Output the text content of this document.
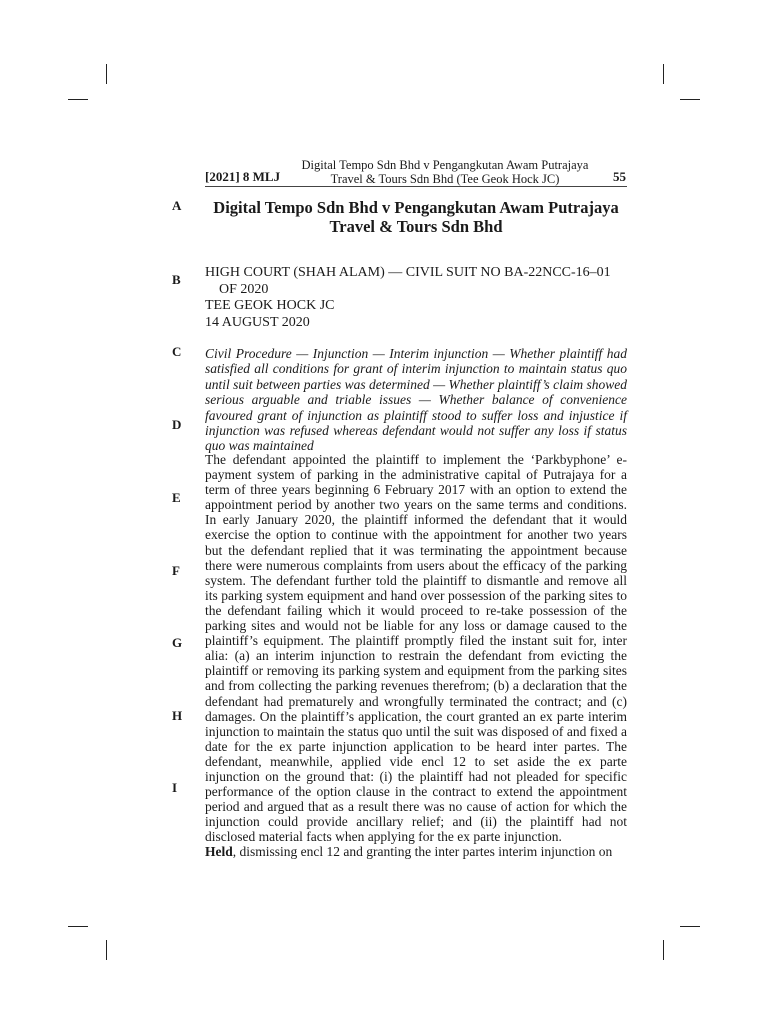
[2021] 8 MLJ
Digital Tempo Sdn Bhd v Pengangkutan Awam Putrajaya
Travel & Tours Sdn Bhd (Tee Geok Hock JC)	55
A
B
C
D
E
F
G
H
I
Digital Tempo Sdn Bhd v Pengangkutan Awam Putrajaya
Travel & Tours Sdn Bhd
HIGH COURT (SHAH ALAM) — CIVIL SUIT NO BA-22NCC-16–01
OF 2020
TEE GEOK HOCK JC
14 AUGUST 2020
Civil Procedure — Injunction — Interim injunction — Whether plaintiff had satisfied all conditions for grant of interim injunction to maintain status quo until suit between parties was determined — Whether plaintiff’s claim showed serious arguable and triable issues — Whether balance of convenience favoured grant of injunction as plaintiff stood to suffer loss and injustice if injunction was refused whereas defendant would not suffer any loss if status quo was maintained
The defendant appointed the plaintiff to implement the ‘Parkbyphone’ e-payment system of parking in the administrative capital of Putrajaya for a term of three years beginning 6 February 2017 with an option to extend the appointment period by another two years on the same terms and conditions. In early January 2020, the plaintiff informed the defendant that it would exercise the option to continue with the appointment for another two years but the defendant replied that it was terminating the appointment because there were numerous complaints from users about the efficacy of the parking system. The defendant further told the plaintiff to dismantle and remove all its parking system equipment and hand over possession of the parking sites to the defendant failing which it would proceed to re-take possession of the parking sites and would not be liable for any loss or damage caused to the plaintiff’s equipment. The plaintiff promptly filed the instant suit for, inter alia: (a) an interim injunction to restrain the defendant from evicting the plaintiff or removing its parking system and equipment from the parking sites and from collecting the parking revenues therefrom; (b) a declaration that the defendant had prematurely and wrongfully terminated the contract; and (c) damages. On the plaintiff’s application, the court granted an ex parte interim injunction to maintain the status quo until the suit was disposed of and fixed a date for the ex parte injunction application to be heard inter partes. The defendant, meanwhile, applied vide encl 12 to set aside the ex parte injunction on the ground that: (i) the plaintiff had not pleaded for specific performance of the option clause in the contract to extend the appointment period and argued that as a result there was no cause of action for which the injunction could provide ancillary relief; and (ii) the plaintiff had not disclosed material facts when applying for the ex parte injunction.
Held, dismissing encl 12 and granting the inter partes interim injunction on
